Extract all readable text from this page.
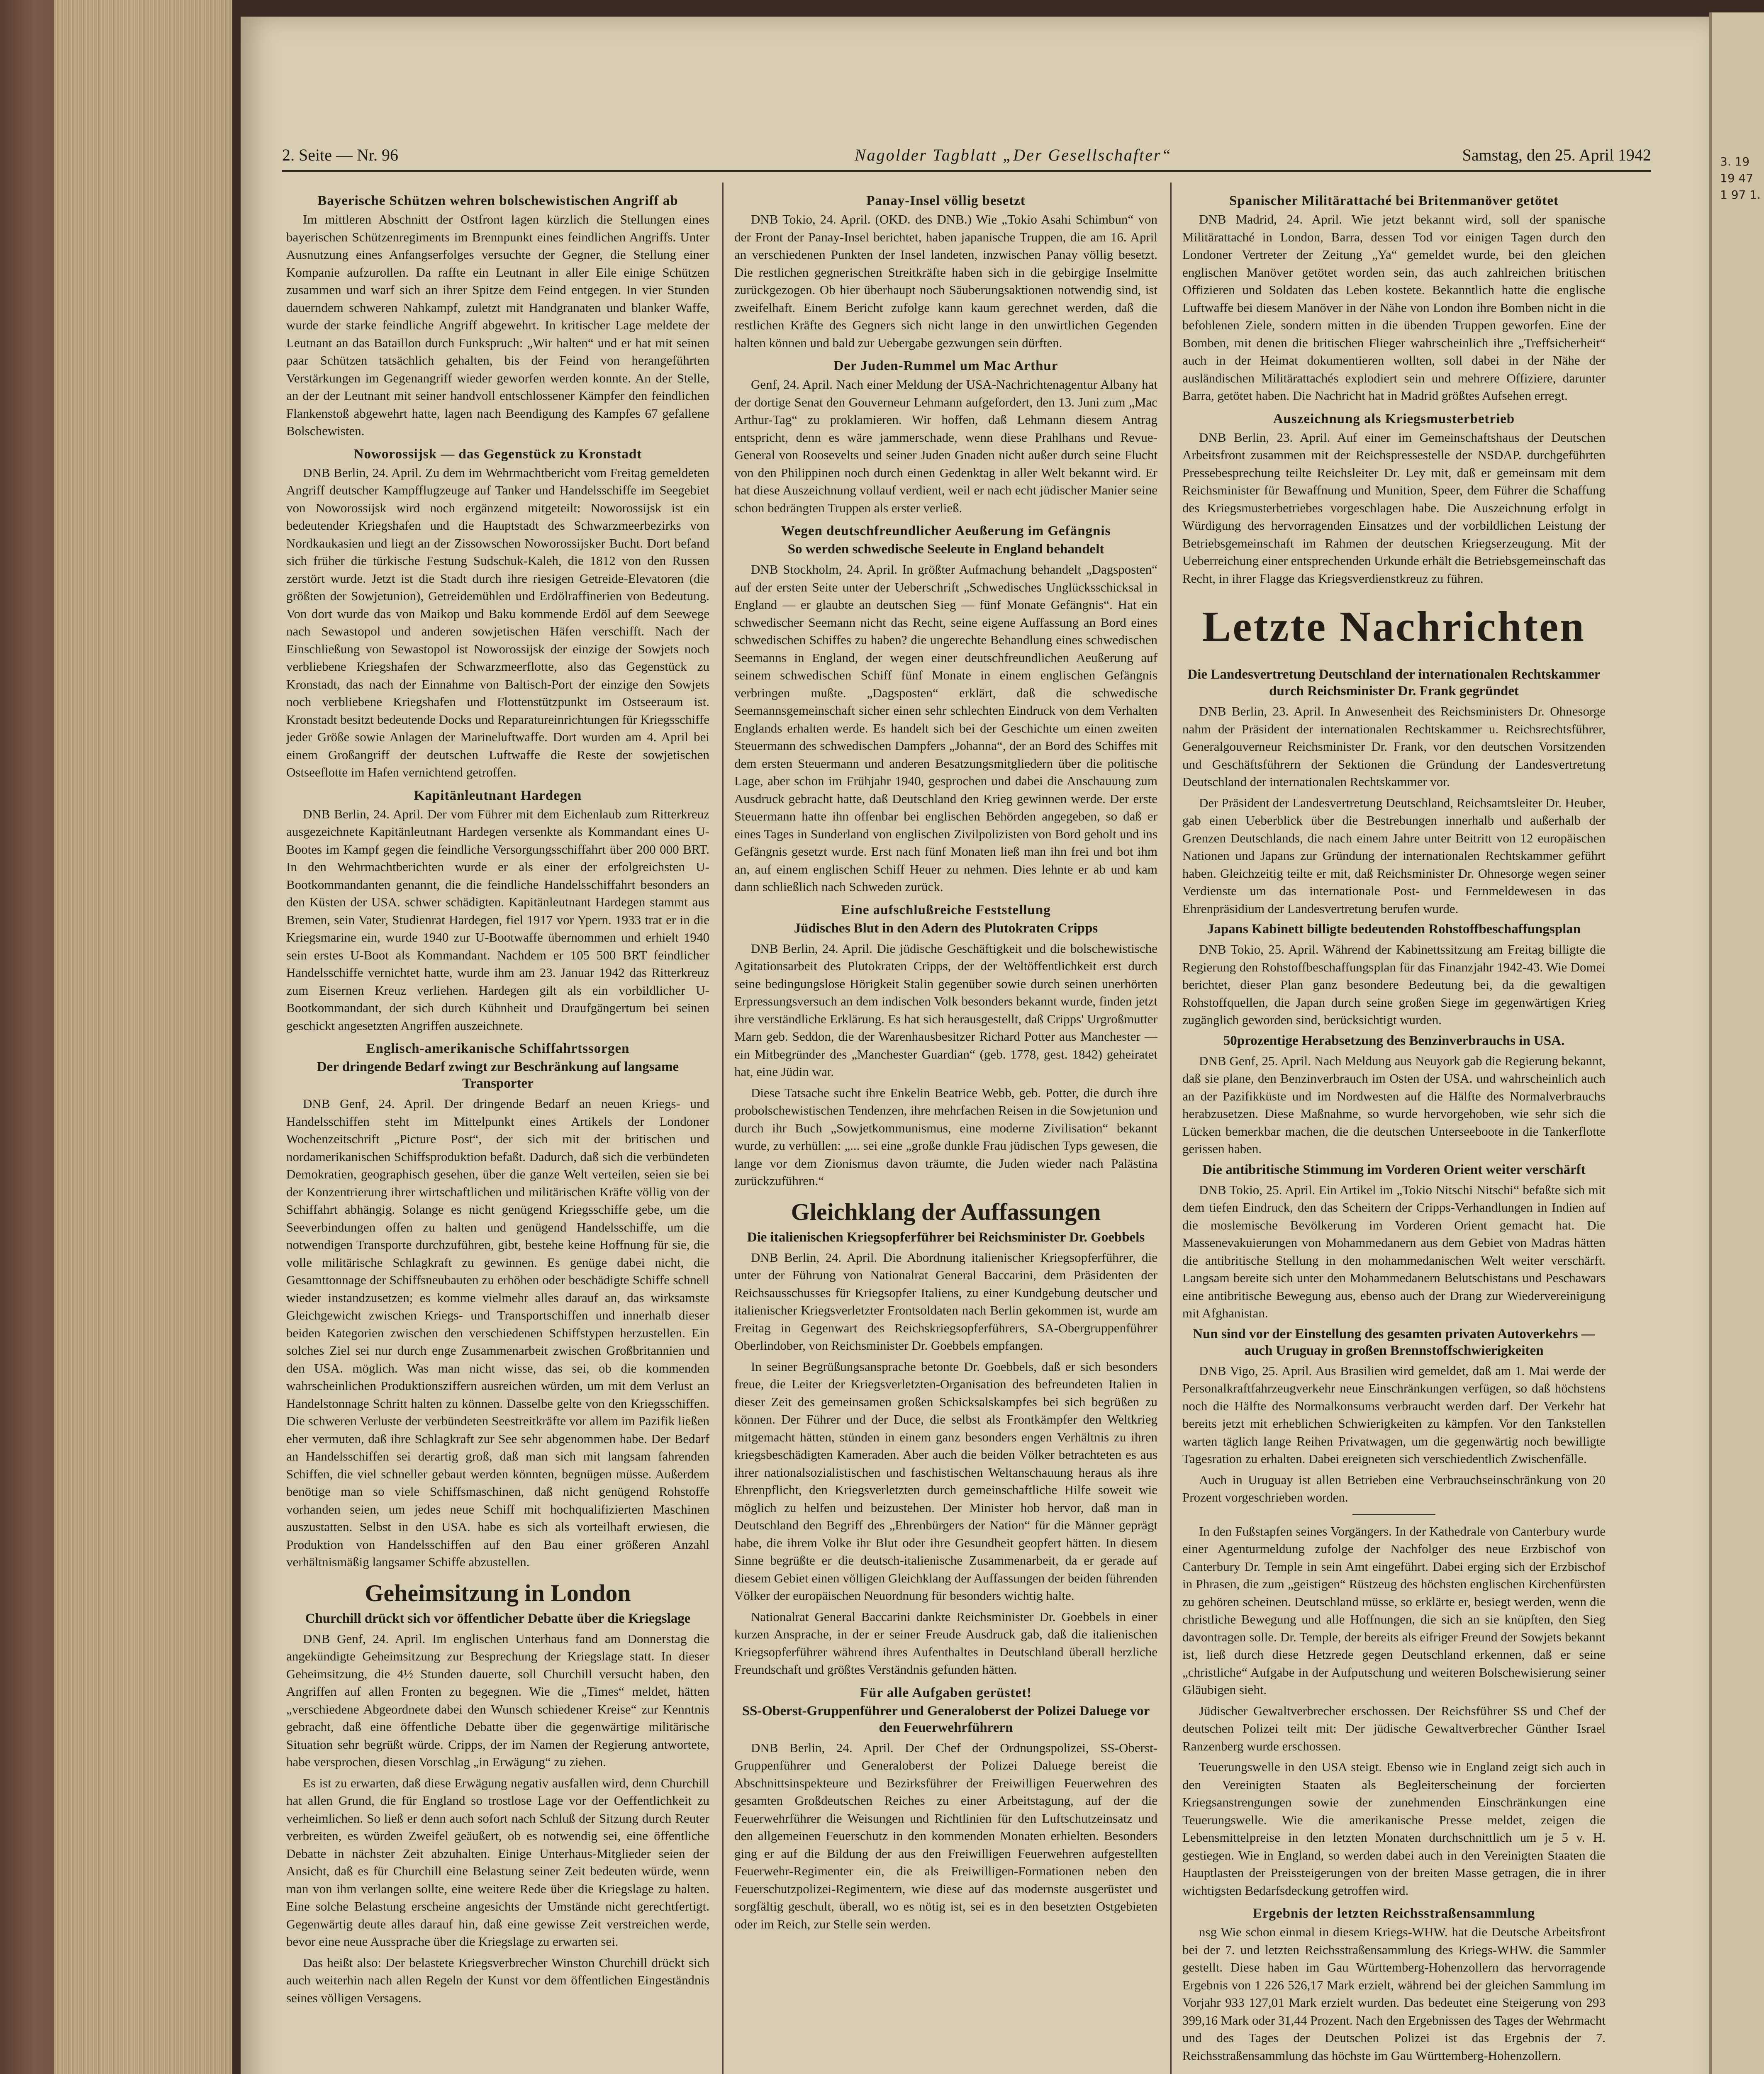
2. Seite — Nr. 96	Nagolder Tagblatt „Der Gesellschafter“	Samstag, den 25. April 1942
Bayerische Schützen wehren bolschewistischen Angriff ab

Im mittleren Abschnitt der Ostfront lagen kürzlich die Stellungen eines bayerischen Schützenregiments im Brennpunkt eines feindlichen Angriffs. Unter Ausnutzung eines Anfangserfolges versuchte der Gegner, die Stellung einer Kompanie aufzurollen. Da raffte ein Leutnant in aller Eile einige Schützen zusammen und warf sich an ihrer Spitze dem Feind entgegen. In vier Stunden dauerndem schweren Nahkampf, zuletzt mit Handgranaten und blanker Waffe, wurde der starke feindliche Angriff abgewehrt. In kritischer Lage meldete der Leutnant an das Bataillon durch Funkspruch: „Wir halten“ und er hat mit seinen paar Schützen tatsächlich gehalten, bis der Feind von herangeführten Verstärkungen im Gegenangriff wieder geworfen werden konnte. An der Stelle, an der der Leutnant mit seiner handvoll entschlossener Kämpfer den feindlichen Flankenstoß abgewehrt hatte, lagen nach Beendigung des Kampfes 67 gefallene Bolschewisten.

Noworossijsk — das Gegenstück zu Kronstadt

DNB Berlin, 24. April. Zu dem im Wehrmachtbericht vom Freitag gemeldeten Angriff deutscher Kampfflugzeuge auf Tanker und Handelsschiffe im Seegebiet von Noworossijsk wird noch ergänzend mitgeteilt: Noworossijsk ist ein bedeutender Kriegshafen und die Hauptstadt des Schwarzmeerbezirks von Nordkaukasien und liegt an der Zissowschen Noworossijsker Bucht. Dort befand sich früher die türkische Festung Sudschuk-Kaleh, die 1812 von den Russen zerstört wurde. Jetzt ist die Stadt durch ihre riesigen Getreide-Elevatoren (die größten der Sowjetunion), Getreidemühlen und Erdölraffinerien von Bedeutung. Von dort wurde das von Maikop und Baku kommende Erdöl auf dem Seewege nach Sewastopol und anderen sowjetischen Häfen verschifft. Nach der Einschließung von Sewastopol ist Noworossijsk der einzige der Sowjets noch verbliebene Kriegshafen der Schwarzmeerflotte, also das Gegenstück zu Kronstadt, das nach der Einnahme von Baltisch-Port der einzige den Sowjets noch verbliebene Kriegshafen und Flottenstützpunkt im Ostseeraum ist. Kronstadt besitzt bedeutende Docks und Reparatureinrichtungen für Kriegsschiffe jeder Größe sowie Anlagen der Marineluftwaffe. Dort wurden am 4. April bei einem Großangriff der deutschen Luftwaffe die Reste der sowjetischen Ostseeflotte im Hafen vernichtend getroffen.

Kapitänleutnant Hardegen

DNB Berlin, 24. April. Der vom Führer mit dem Eichenlaub zum Ritterkreuz ausgezeichnete Kapitänleutnant Hardegen versenkte als Kommandant eines U-Bootes im Kampf gegen die feindliche Versorgungsschiffahrt über 200 000 BRT. In den Wehrmachtberichten wurde er als einer der erfolgreichsten U-Bootkommandanten genannt, die die feindliche Handelsschiffahrt besonders an den Küsten der USA. schwer schädigten. Kapitänleutnant Hardegen stammt aus Bremen, sein Vater, Studienrat Hardegen, fiel 1917 vor Ypern. 1933 trat er in die Kriegsmarine ein, wurde 1940 zur U-Bootwaffe übernommen und erhielt 1940 sein erstes U-Boot als Kommandant. Nachdem er 105 500 BRT feindlicher Handelsschiffe vernichtet hatte, wurde ihm am 23. Januar 1942 das Ritterkreuz zum Eisernen Kreuz verliehen. Hardegen gilt als ein vorbildlicher U-Bootkommandant, der sich durch Kühnheit und Draufgängertum bei seinen geschickt angesetzten Angriffen auszeichnete.

Englisch-amerikanische Schiffahrtssorgen
Der dringende Bedarf zwingt zur Beschränkung auf langsame Transporter

DNB Genf, 24. April. Der dringende Bedarf an neuen Kriegs- und Handelsschiffen steht im Mittelpunkt eines Artikels der Londoner Wochenzeitschrift „Picture Post“, der sich mit der britischen und nordamerikanischen Schiffsproduktion befaßt. Dadurch, daß sich die verbündeten Demokratien, geographisch gesehen, über die ganze Welt verteilen, seien sie bei der Konzentrierung ihrer wirtschaftlichen und militärischen Kräfte völlig von der Schiffahrt abhängig. Solange es nicht genügend Kriegsschiffe gebe, um die Seeverbindungen offen zu halten und genügend Handelsschiffe, um die notwendigen Transporte durchzuführen, gibt, bestehe keine Hoffnung für sie, die volle militärische Schlagkraft zu gewinnen. Es genüge dabei nicht, die Gesamttonnage der Schiffsneubauten zu erhöhen oder beschädigte Schiffe schnell wieder instandzusetzen; es komme vielmehr alles darauf an, das wirksamste Gleichgewicht zwischen Kriegs- und Transportschiffen und innerhalb dieser beiden Kategorien zwischen den verschiedenen Schiffstypen herzustellen. Ein solches Ziel sei nur durch enge Zusammenarbeit zwischen Großbritannien und den USA. möglich. Was man nicht wisse, das sei, ob die kommenden wahrscheinlichen Produktionsziffern ausreichen würden, um mit dem Verlust an Handelstonnage Schritt halten zu können. Dasselbe gelte von den Kriegsschiffen. Die schweren Verluste der verbündeten Seestreitkräfte vor allem im Pazifik ließen eher vermuten, daß ihre Schlagkraft zur See sehr abgenommen habe. Der Bedarf an Handelsschiffen sei derartig groß, daß man sich mit langsam fahrenden Schiffen, die viel schneller gebaut werden könnten, begnügen müsse. Außerdem benötige man so viele Schiffsmaschinen, daß nicht genügend Rohstoffe vorhanden seien, um jedes neue Schiff mit hochqualifizierten Maschinen auszustatten. Selbst in den USA. habe es sich als vorteilhaft erwiesen, die Produktion von Handelsschiffen auf den Bau einer größeren Anzahl verhältnismäßig langsamer Schiffe abzustellen.

Geheimsitzung in London
Churchill drückt sich vor öffentlicher Debatte über die Kriegslage

DNB Genf, 24. April. Im englischen Unterhaus fand am Donnerstag die angekündigte Geheimsitzung zur Besprechung der Kriegslage statt. In dieser Geheimsitzung, die 4½ Stunden dauerte, soll Churchill versucht haben, den Angriffen auf allen Fronten zu begegnen. Wie die „Times“ meldet, hätten „verschiedene Abgeordnete dabei den Wunsch schiedener Kreise“ zur Kenntnis gebracht, daß eine öffentliche Debatte über die gegenwärtige militärische Situation sehr begrüßt würde. Cripps, der im Namen der Regierung antwortete, habe versprochen, diesen Vorschlag „in Erwägung“ zu ziehen.

Es ist zu erwarten, daß diese Erwägung negativ ausfallen wird, denn Churchill hat allen Grund, die für England so trostlose Lage vor der Oeffentlichkeit zu verheimlichen. So ließ er denn auch sofort nach Schluß der Sitzung durch Reuter verbreiten, es würden Zweifel geäußert, ob es notwendig sei, eine öffentliche Debatte in nächster Zeit abzuhalten. Einige Unterhaus-Mitglieder seien der Ansicht, daß es für Churchill eine Belastung seiner Zeit bedeuten würde, wenn man von ihm verlangen sollte, eine weitere Rede über die Kriegslage zu halten. Eine solche Belastung erscheine angesichts der Umstände nicht gerechtfertigt. Gegenwärtig deute alles darauf hin, daß eine gewisse Zeit verstreichen werde, bevor eine neue Aussprache über die Kriegslage zu erwarten sei.

Das heißt also: Der belastete Kriegsverbrecher Winston Churchill drückt sich auch weiterhin nach allen Regeln der Kunst vor dem öffentlichen Eingeständnis seines völligen Versagens.

Panay-Insel völlig besetzt

DNB Tokio, 24. April. (OKD. des DNB.) Wie „Tokio Asahi Schimbun“ von der Front der Panay-Insel berichtet, haben japanische Truppen, die am 16. April an verschiedenen Punkten der Insel landeten, inzwischen Panay völlig besetzt. Die restlichen gegnerischen Streitkräfte haben sich in die gebirgige Inselmitte zurückgezogen. Ob hier überhaupt noch Säuberungsaktionen notwendig sind, ist zweifelhaft. Einem Bericht zufolge kann kaum gerechnet werden, daß die restlichen Kräfte des Gegners sich nicht lange in den unwirtlichen Gegenden halten können und bald zur Uebergabe gezwungen sein dürften.

Der Juden-Rummel um Mac Arthur

Genf, 24. April. Nach einer Meldung der USA-Nachrichtenagentur Albany hat der dortige Senat den Gouverneur Lehmann aufgefordert, den 13. Juni zum „Mac Arthur-Tag“ zu proklamieren. Wir hoffen, daß Lehmann diesem Antrag entspricht, denn es wäre jammerschade, wenn diese Prahlhans und Revue-General von Roosevelts und seiner Juden Gnaden nicht außer durch seine Flucht von den Philippinen noch durch einen Gedenktag in aller Welt bekannt wird. Er hat diese Auszeichnung vollauf verdient, weil er nach echt jüdischer Manier seine schon bedrängten Truppen als erster verließ.

Wegen deutschfreundlicher Aeußerung im Gefängnis
So werden schwedische Seeleute in England behandelt

DNB Stockholm, 24. April. In größter Aufmachung behandelt „Dagsposten“ auf der ersten Seite unter der Ueberschrift „Schwedisches Unglücksschicksal in England — er glaubte an deutschen Sieg — fünf Monate Gefängnis“. Hat ein schwedischer Seemann nicht das Recht, seine eigene Auffassung an Bord eines schwedischen Schiffes zu haben? die ungerechte Behandlung eines schwedischen Seemanns in England, der wegen einer deutschfreundlichen Aeußerung auf seinem schwedischen Schiff fünf Monate in einem englischen Gefängnis verbringen mußte. „Dagsposten“ erklärt, daß die schwedische Seemannsgemeinschaft sicher einen sehr schlechten Eindruck von dem Verhalten Englands erhalten werde. Es handelt sich bei der Geschichte um einen zweiten Steuermann des schwedischen Dampfers „Johanna“, der an Bord des Schiffes mit dem ersten Steuermann und anderen Besatzungsmitgliedern über die politische Lage, aber schon im Frühjahr 1940, gesprochen und dabei die Anschauung zum Ausdruck gebracht hatte, daß Deutschland den Krieg gewinnen werde. Der erste Steuermann hatte ihn offenbar bei englischen Behörden angegeben, so daß er eines Tages in Sunderland von englischen Zivilpolizisten von Bord geholt und ins Gefängnis gesetzt wurde. Erst nach fünf Monaten ließ man ihn frei und bot ihm an, auf einem englischen Schiff Heuer zu nehmen. Dies lehnte er ab und kam dann schließlich nach Schweden zurück.

Eine aufschlußreiche Feststellung
Jüdisches Blut in den Adern des Plutokraten Cripps

DNB Berlin, 24. April. Die jüdische Geschäftigkeit und die bolschewistische Agitationsarbeit des Plutokraten Cripps, der der Weltöffentlichkeit erst durch seine bedingungslose Hörigkeit Stalin gegenüber sowie durch seinen unerhörten Erpressungsversuch an dem indischen Volk besonders bekannt wurde, finden jetzt ihre verständliche Erklärung. Es hat sich herausgestellt, daß Cripps' Urgroßmutter Marn geb. Seddon, die der Warenhausbesitzer Richard Potter aus Manchester — ein Mitbegründer des „Manchester Guardian“ (geb. 1778, gest. 1842) geheiratet hat, eine Jüdin war.

Diese Tatsache sucht ihre Enkelin Beatrice Webb, geb. Potter, die durch ihre probolschewistischen Tendenzen, ihre mehrfachen Reisen in die Sowjetunion und durch ihr Buch „Sowjetkommunismus, eine moderne Zivilisation“ bekannt wurde, zu verhüllen: „... sei eine „große dunkle Frau jüdischen Typs gewesen, die lange vor dem Zionismus davon träumte, die Juden wieder nach Palästina zurückzuführen.“

Gleichklang der Auffassungen
Die italienischen Kriegsopferführer bei Reichsminister Dr. Goebbels

DNB Berlin, 24. April. Die Abordnung italienischer Kriegsopferführer, die unter der Führung von Nationalrat General Baccarini, dem Präsidenten der Reichsausschusses für Kriegsopfer Italiens, zu einer Kundgebung deutscher und italienischer Kriegsverletzter Frontsoldaten nach Berlin gekommen ist, wurde am Freitag in Gegenwart des Reichskriegsopferführers, SA-Obergruppenführer Oberlindober, von Reichsminister Dr. Goebbels empfangen.

In seiner Begrüßungsansprache betonte Dr. Goebbels, daß er sich besonders freue, die Leiter der Kriegsverletzten-Organisation des befreundeten Italien in dieser Zeit des gemeinsamen großen Schicksalskampfes bei sich begrüßen zu können. Der Führer und der Duce, die selbst als Frontkämpfer den Weltkrieg mitgemacht hätten, stünden in einem ganz besonders engen Verhältnis zu ihren kriegsbeschädigten Kameraden. Aber auch die beiden Völker betrachteten es aus ihrer nationalsozialistischen und faschistischen Weltanschauung heraus als ihre Ehrenpflicht, den Kriegsverletzten durch gemeinschaftliche Hilfe soweit wie möglich zu helfen und beizustehen. Der Minister hob hervor, daß man in Deutschland den Begriff des „Ehrenbürgers der Nation“ für die Männer geprägt habe, die ihrem Volke ihr Blut oder ihre Gesundheit geopfert hätten. In diesem Sinne begrüßte er die deutsch-italienische Zusammenarbeit, da er gerade auf diesem Gebiet einen völligen Gleichklang der Auffassungen der beiden führenden Völker der europäischen Neuordnung für besonders wichtig halte.

Nationalrat General Baccarini dankte Reichsminister Dr. Goebbels in einer kurzen Ansprache, in der er seiner Freude Ausdruck gab, daß die italienischen Kriegsopferführer während ihres Aufenthaltes in Deutschland überall herzliche Freundschaft und größtes Verständnis gefunden hätten.

Für alle Aufgaben gerüstet!
SS-Oberst-Gruppenführer und Generaloberst der Polizei Daluege vor den Feuerwehrführern

DNB Berlin, 24. April. Der Chef der Ordnungspolizei, SS-Oberst-Gruppenführer und Generaloberst der Polizei Daluege bereist die Abschnittsinspekteure und Bezirksführer der Freiwilligen Feuerwehren des gesamten Großdeutschen Reiches zu einer Arbeitstagung, auf der die Feuerwehrführer die Weisungen und Richtlinien für den Luftschutzeinsatz und den allgemeinen Feuerschutz in den kommenden Monaten erhielten. Besonders ging er auf die Bildung der aus den Freiwilligen Feuerwehren aufgestellten Feuerwehr-Regimenter ein, die als Freiwilligen-Formationen neben den Feuerschutzpolizei-Regimentern, wie diese auf das modernste ausgerüstet und sorgfältig geschult, überall, wo es nötig ist, sei es in den besetzten Ostgebieten oder im Reich, zur Stelle sein werden.

Spanischer Militärattaché bei Britenmanöver getötet

DNB Madrid, 24. April. Wie jetzt bekannt wird, soll der spanische Militärattaché in London, Barra, dessen Tod vor einigen Tagen durch den Londoner Vertreter der Zeitung „Ya“ gemeldet wurde, bei den gleichen englischen Manöver getötet worden sein, das auch zahlreichen britischen Offizieren und Soldaten das Leben kostete. Bekanntlich hatte die englische Luftwaffe bei diesem Manöver in der Nähe von London ihre Bomben nicht in die befohlenen Ziele, sondern mitten in die übenden Truppen geworfen. Eine der Bomben, mit denen die britischen Flieger wahrscheinlich ihre „Treffsicherheit“ auch in der Heimat dokumentieren wollten, soll dabei in der Nähe der ausländischen Militärattachés explodiert sein und mehrere Offiziere, darunter Barra, getötet haben. Die Nachricht hat in Madrid größtes Aufsehen erregt.

Auszeichnung als Kriegsmusterbetrieb

DNB Berlin, 23. April. Auf einer im Gemeinschaftshaus der Deutschen Arbeitsfront zusammen mit der Reichspressestelle der NSDAP. durchgeführten Pressebesprechung teilte Reichsleiter Dr. Ley mit, daß er gemeinsam mit dem Reichsminister für Bewaffnung und Munition, Speer, dem Führer die Schaffung des Kriegsmusterbetriebes vorgeschlagen habe. Die Auszeichnung erfolgt in Würdigung des hervorragenden Einsatzes und der vorbildlichen Leistung der Betriebsgemeinschaft im Rahmen der deutschen Kriegserzeugung. Mit der Ueberreichung einer entsprechenden Urkunde erhält die Betriebsgemeinschaft das Recht, in ihrer Flagge das Kriegsverdienstkreuz zu führen.

Letzte Nachrichten
Die Landesvertretung Deutschland der internationalen Rechtskammer durch Reichsminister Dr. Frank gegründet

DNB Berlin, 23. April. In Anwesenheit des Reichsministers Dr. Ohnesorge nahm der Präsident der internationalen Rechtskammer u. Reichsrechtsführer, Generalgouverneur Reichsminister Dr. Frank, vor den deutschen Vorsitzenden und Geschäftsführern der Sektionen die Gründung der Landesvertretung Deutschland der internationalen Rechtskammer vor.

Der Präsident der Landesvertretung Deutschland, Reichsamtsleiter Dr. Heuber, gab einen Ueberblick über die Bestrebungen innerhalb und außerhalb der Grenzen Deutschlands, die nach einem Jahre unter Beitritt von 12 europäischen Nationen und Japans zur Gründung der internationalen Rechtskammer geführt haben. Gleichzeitig teilte er mit, daß Reichsminister Dr. Ohnesorge wegen seiner Verdienste um das internationale Post- und Fernmeldewesen in das Ehrenpräsidium der Landesvertretung berufen wurde.

Japans Kabinett billigte bedeutenden Rohstoffbeschaffungsplan

DNB Tokio, 25. April. Während der Kabinettssitzung am Freitag billigte die Regierung den Rohstoffbeschaffungsplan für das Finanzjahr 1942-43. Wie Domei berichtet, dieser Plan ganz besondere Bedeutung bei, da die gewaltigen Rohstoffquellen, die Japan durch seine großen Siege im gegenwärtigen Krieg zugänglich geworden sind, berücksichtigt wurden.

50prozentige Herabsetzung des Benzinverbrauchs in USA.

DNB Genf, 25. April. Nach Meldung aus Neuyork gab die Regierung bekannt, daß sie plane, den Benzinverbrauch im Osten der USA. und wahrscheinlich auch an der Pazifikküste und im Nordwesten auf die Hälfte des Normalverbrauchs herabzusetzen. Diese Maßnahme, so wurde hervorgehoben, wie sehr sich die Lücken bemerkbar machen, die die deutschen Unterseeboote in die Tankerflotte gerissen haben.

Die antibritische Stimmung im Vorderen Orient weiter verschärft

DNB Tokio, 25. April. Ein Artikel im „Tokio Nitschi Nitschi“ befaßte sich mit dem tiefen Eindruck, den das Scheitern der Cripps-Verhandlungen in Indien auf die moslemische Bevölkerung im Vorderen Orient gemacht hat. Die Massenevakuierungen von Mohammedanern aus dem Gebiet von Madras hätten die antibritische Stellung in den mohammedanischen Welt weiter verschärft. Langsam bereite sich unter den Mohammedanern Belutschistans und Peschawars eine antibritische Bewegung aus, ebenso auch der Drang zur Wiedervereinigung mit Afghanistan.

Nun sind vor der Einstellung des gesamten privaten Autoverkehrs — auch Uruguay in großen Brennstoffschwierigkeiten

DNB Vigo, 25. April. Aus Brasilien wird gemeldet, daß am 1. Mai werde der Personalkraftfahrzeugverkehr neue Einschränkungen verfügen, so daß höchstens noch die Hälfte des Normalkonsums verbraucht werden darf. Der Verkehr hat bereits jetzt mit erheblichen Schwierigkeiten zu kämpfen. Vor den Tankstellen warten täglich lange Reihen Privatwagen, um die gegenwärtig noch bewilligte Tagesration zu erhalten. Dabei ereigneten sich verschiedentlich Zwischenfälle.

Auch in Uruguay ist allen Betrieben eine Verbrauchseinschränkung von 20 Prozent vorgeschrieben worden.

In den Fußstapfen seines Vorgängers. In der Kathedrale von Canterbury wurde einer Agenturmeldung zufolge der Nachfolger des neue Erzbischof von Canterbury Dr. Temple in sein Amt eingeführt. Dabei erging sich der Erzbischof in Phrasen, die zum „geistigen“ Rüstzeug des höchsten englischen Kirchenfürsten zu gehören scheinen. Deutschland müsse, so erklärte er, besiegt werden, wenn die christliche Bewegung und alle Hoffnungen, die sich an sie knüpften, den Sieg davontragen solle. Dr. Temple, der bereits als eifriger Freund der Sowjets bekannt ist, ließ durch diese Hetzrede gegen Deutschland erkennen, daß er seine „christliche“ Aufgabe in der Aufputschung und weiteren Bolschewisierung seiner Gläubigen sieht.

Jüdischer Gewaltverbrecher erschossen. Der Reichsführer SS und Chef der deutschen Polizei teilt mit: Der jüdische Gewaltverbrecher Günther Israel Ranzenberg wurde erschossen.

Teuerungswelle in den USA steigt. Ebenso wie in England zeigt sich auch in den Vereinigten Staaten als Begleiterscheinung der forcierten Kriegsanstrengungen sowie der zunehmenden Einschränkungen eine Teuerungswelle. Wie die amerikanische Presse meldet, zeigen die Lebensmittelpreise in den letzten Monaten durchschnittlich um je 5 v. H. gestiegen. Wie in England, so werden dabei auch in den Vereinigten Staaten die Hauptlasten der Preissteigerungen von der breiten Masse getragen, die in ihrer wichtigsten Bedarfsdeckung getroffen wird.

Ergebnis der letzten Reichsstraßensammlung

nsg Wie schon einmal in diesem Kriegs-WHW. hat die Deutsche Arbeitsfront bei der 7. und letzten Reichsstraßensammlung des Kriegs-WHW. die Sammler gestellt. Diese haben im Gau Württemberg-Hohenzollern das hervorragende Ergebnis von 1 226 526,17 Mark erzielt, während bei der gleichen Sammlung im Vorjahr 933 127,01 Mark erzielt wurden. Das bedeutet eine Steigerung von 293 399,16 Mark oder 31,44 Prozent. Nach den Ergebnissen des Tages der Wehrmacht und des Tages der Deutschen Polizei ist das Ergebnis der 7. Reichsstraßensammlung das höchste im Gau Württemberg-Hohenzollern.

3. 19 19 47 1 97 1.
